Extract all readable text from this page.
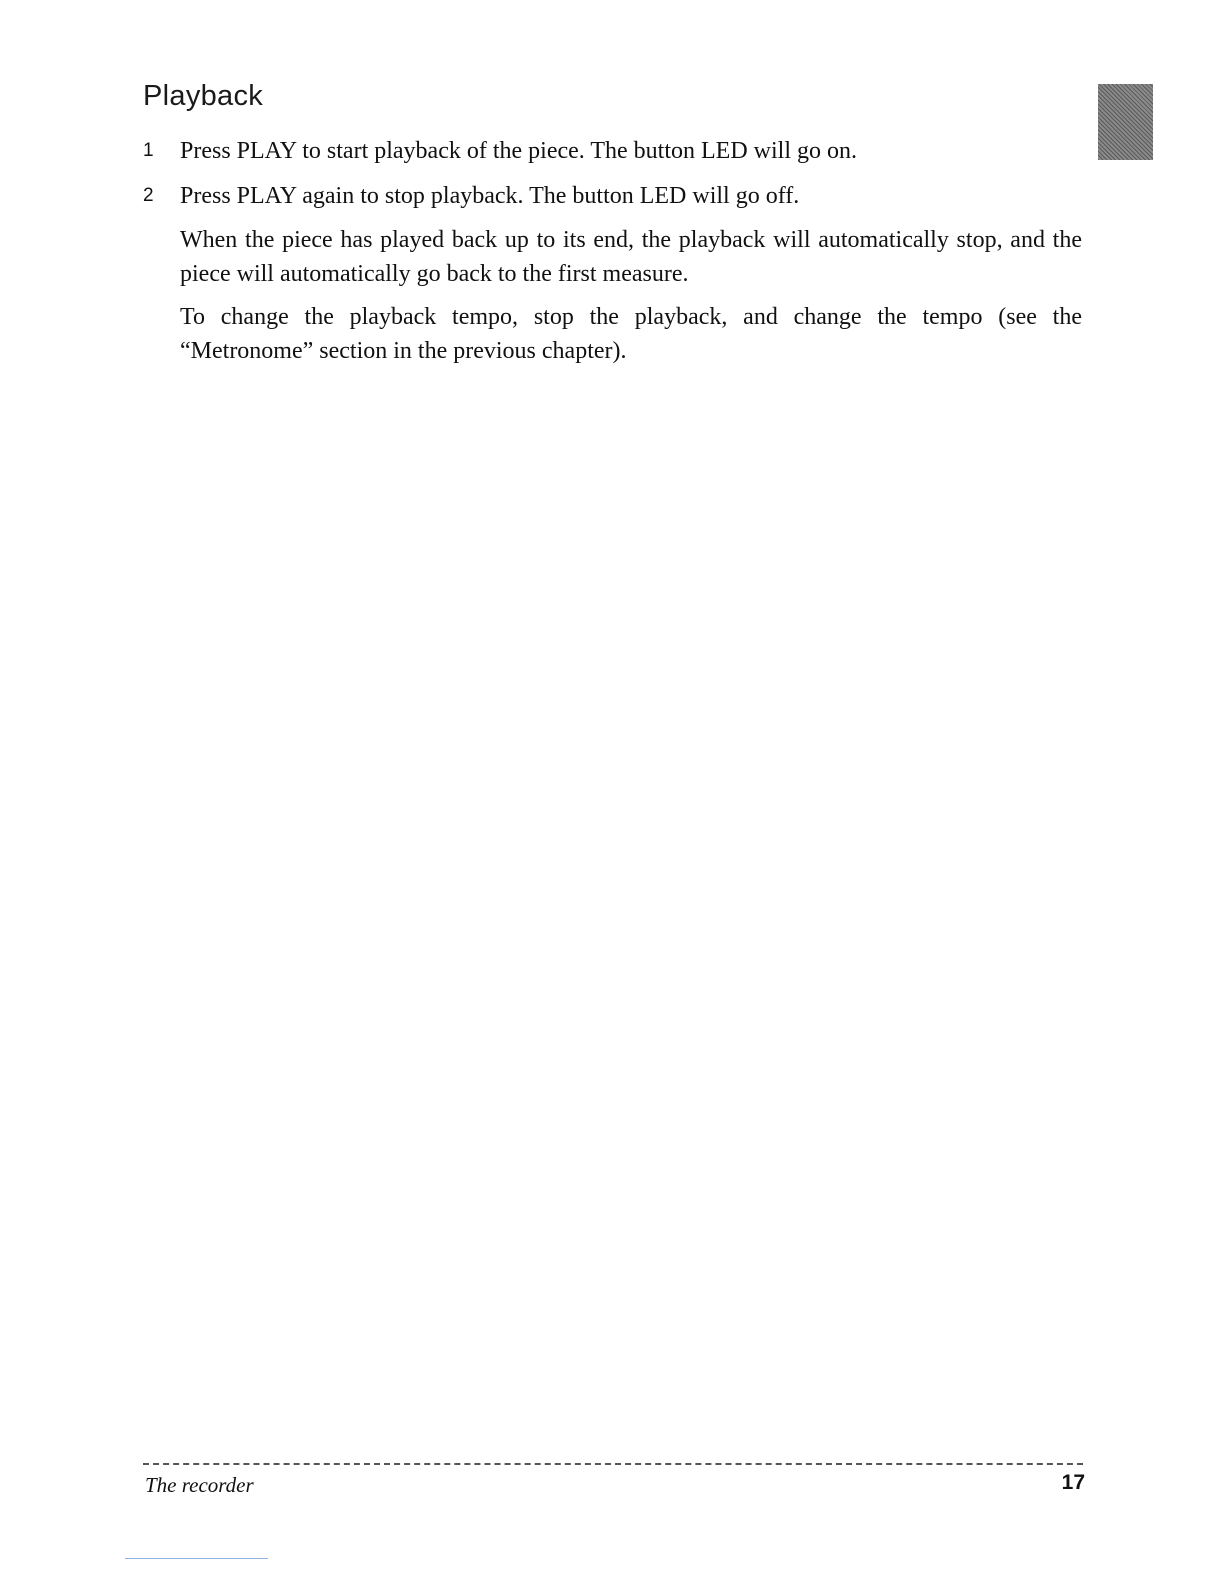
Playback
1 Press PLAY to start playback of the piece. The button LED will go on.
2 Press PLAY again to stop playback. The button LED will go off.

When the piece has played back up to its end, the playback will automatically stop, and the piece will automatically go back to the first measure.

To change the playback tempo, stop the playback, and change the tempo (see the “Metronome” section in the previous chapter).

The recorder	17
